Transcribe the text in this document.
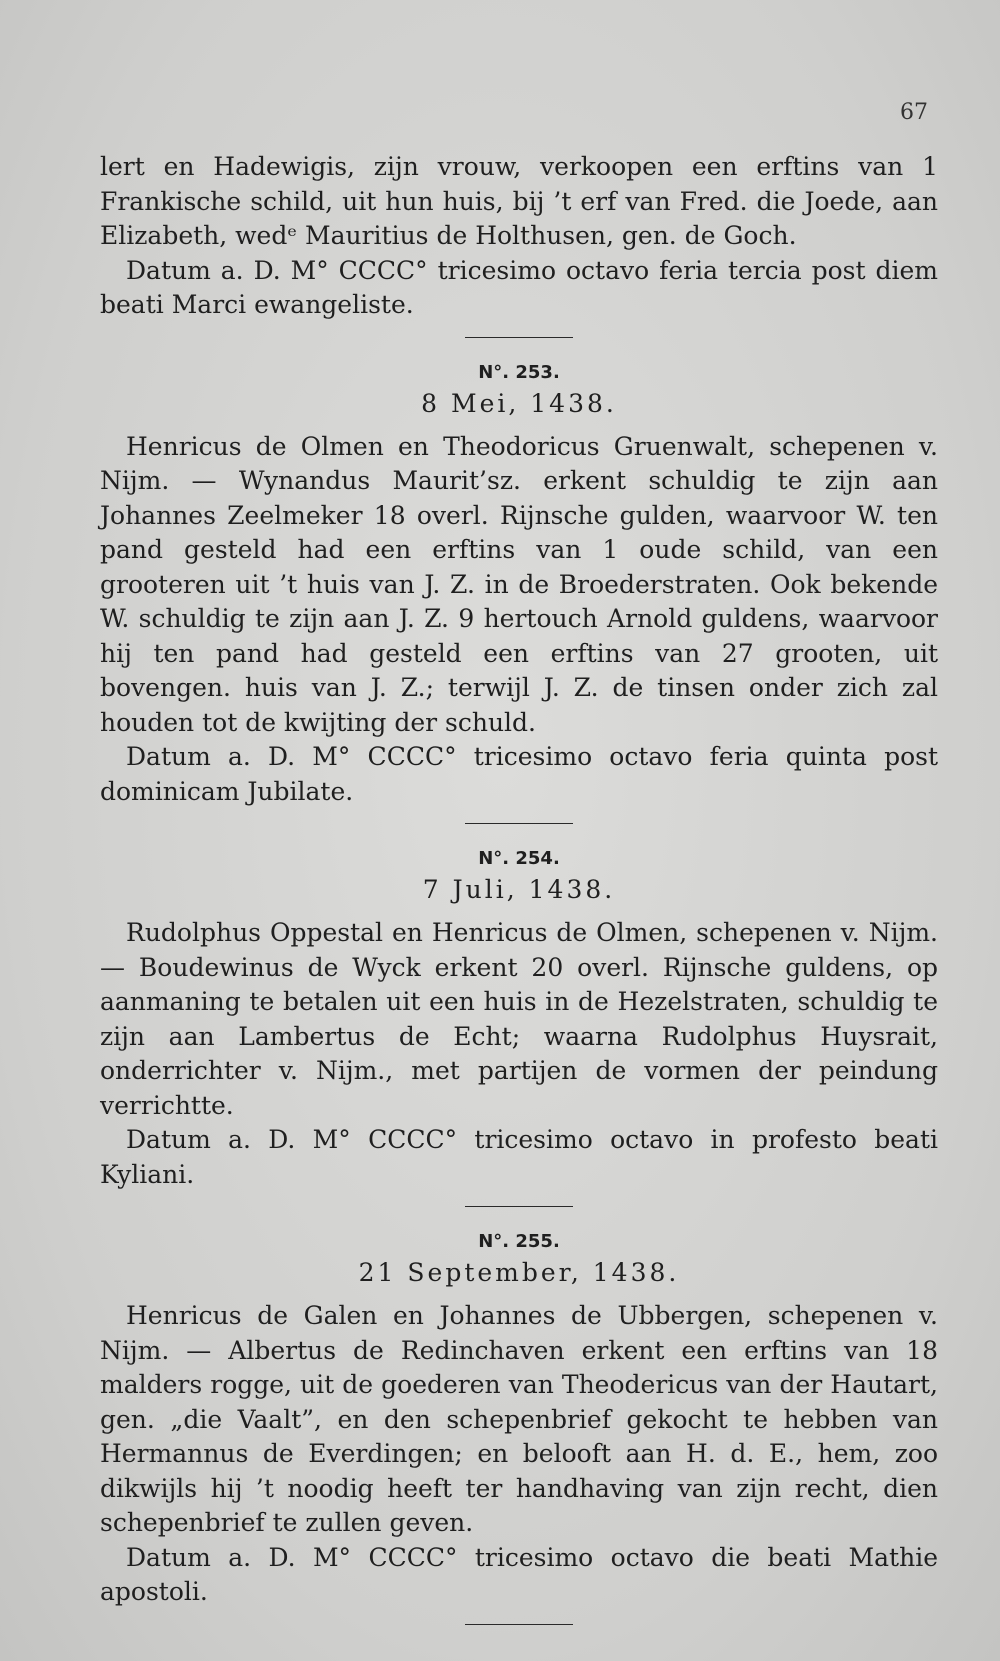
67

lert en Hadewigis, zijn vrouw, verkoopen een erftins van 1 Frankische schild, uit hun huis, bij ’t erf van Fred. die Joede, aan Elizabeth, wedᵉ Mauritius de Holthusen, gen. de Goch.

Datum a. D. M° CCCC° tricesimo octavo feria tercia post diem beati Marci ewangeliste.

N°. 253.

8 Mei, 1438.

Henricus de Olmen en Theodoricus Gruenwalt, schepenen v. Nijm. — Wynandus Maurit’sz. erkent schuldig te zijn aan Johannes Zeelmeker 18 overl. Rijnsche gulden, waarvoor W. ten pand gesteld had een erftins van 1 oude schild, van een grooteren uit ’t huis van J. Z. in de Broederstraten. Ook bekende W. schuldig te zijn aan J. Z. 9 hertouch Arnold guldens, waarvoor hij ten pand had gesteld een erftins van 27 grooten, uit bovengen. huis van J. Z.; terwijl J. Z. de tinsen onder zich zal houden tot de kwijting der schuld.

Datum a. D. M° CCCC° tricesimo octavo feria quinta post dominicam Jubilate.

N°. 254.

7 Juli, 1438.

Rudolphus Oppestal en Henricus de Olmen, schepenen v. Nijm. — Boudewinus de Wyck erkent 20 overl. Rijnsche guldens, op aanmaning te betalen uit een huis in de Hezelstraten, schuldig te zijn aan Lambertus de Echt; waarna Rudolphus Huysrait, onderrichter v. Nijm., met partijen de vormen der peindung verrichtte.

Datum a. D. M° CCCC° tricesimo octavo in profesto beati Kyliani.

N°. 255.

21 September, 1438.

Henricus de Galen en Johannes de Ubbergen, schepenen v. Nijm. — Albertus de Redinchaven erkent een erftins van 18 malders rogge, uit de goederen van Theodericus van der Hautart, gen. „die Vaalt”, en den schepenbrief gekocht te hebben van Hermannus de Everdingen; en belooft aan H. d. E., hem, zoo dikwijls hij ’t noodig heeft ter handhaving van zijn recht, dien schepenbrief te zullen geven.

Datum a. D. M° CCCC° tricesimo octavo die beati Mathie apostoli.
